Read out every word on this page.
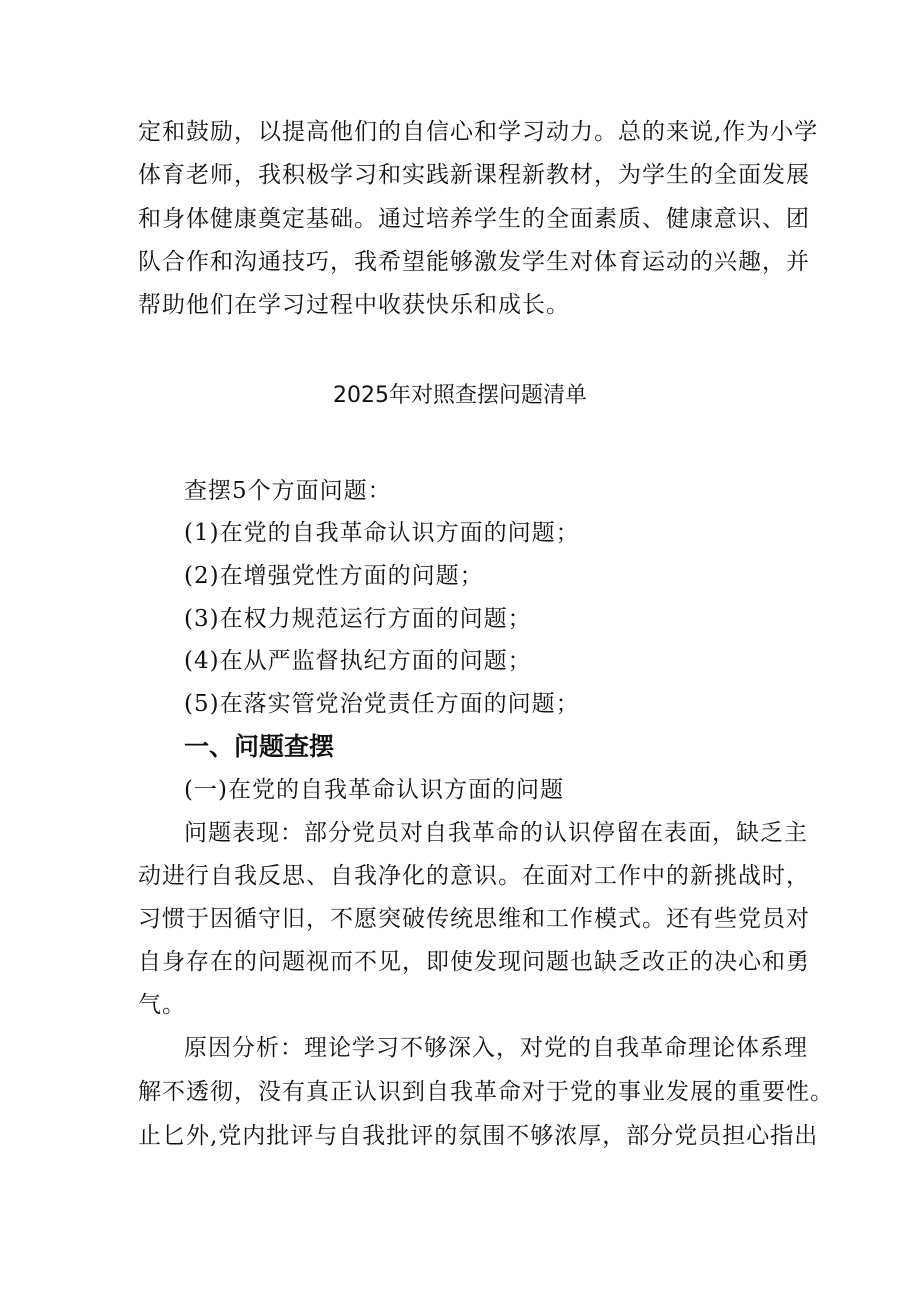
定和鼓励，以提高他们的自信心和学习动力。总的来说,作为小学
体育老师，我积极学习和实践新课程新教材，为学生的全面发展
和身体健康奠定基础。通过培养学生的全面素质、健康意识、团
队合作和沟通技巧，我希望能够激发学生对体育运动的兴趣，并
帮助他们在学习过程中收获快乐和成长。
2025年对照查摆问题清单
查摆5个方面问题：
(1)在党的自我革命认识方面的问题；
(2)在增强党性方面的问题；
(3)在权力规范运行方面的问题；
(4)在从严监督执纪方面的问题；
(5)在落实管党治党责任方面的问题；
一、问题查摆
(一)在党的自我革命认识方面的问题
问题表现：部分党员对自我革命的认识停留在表面，缺乏主
动进行自我反思、自我净化的意识。在面对工作中的新挑战时，
习惯于因循守旧，不愿突破传统思维和工作模式。还有些党员对
自身存在的问题视而不见，即使发现问题也缺乏改正的决心和勇
气。
原因分析：理论学习不够深入，对党的自我革命理论体系理
解不透彻，没有真正认识到自我革命对于党的事业发展的重要性。
止匕外,党内批评与自我批评的氛围不够浓厚，部分党员担心指出
